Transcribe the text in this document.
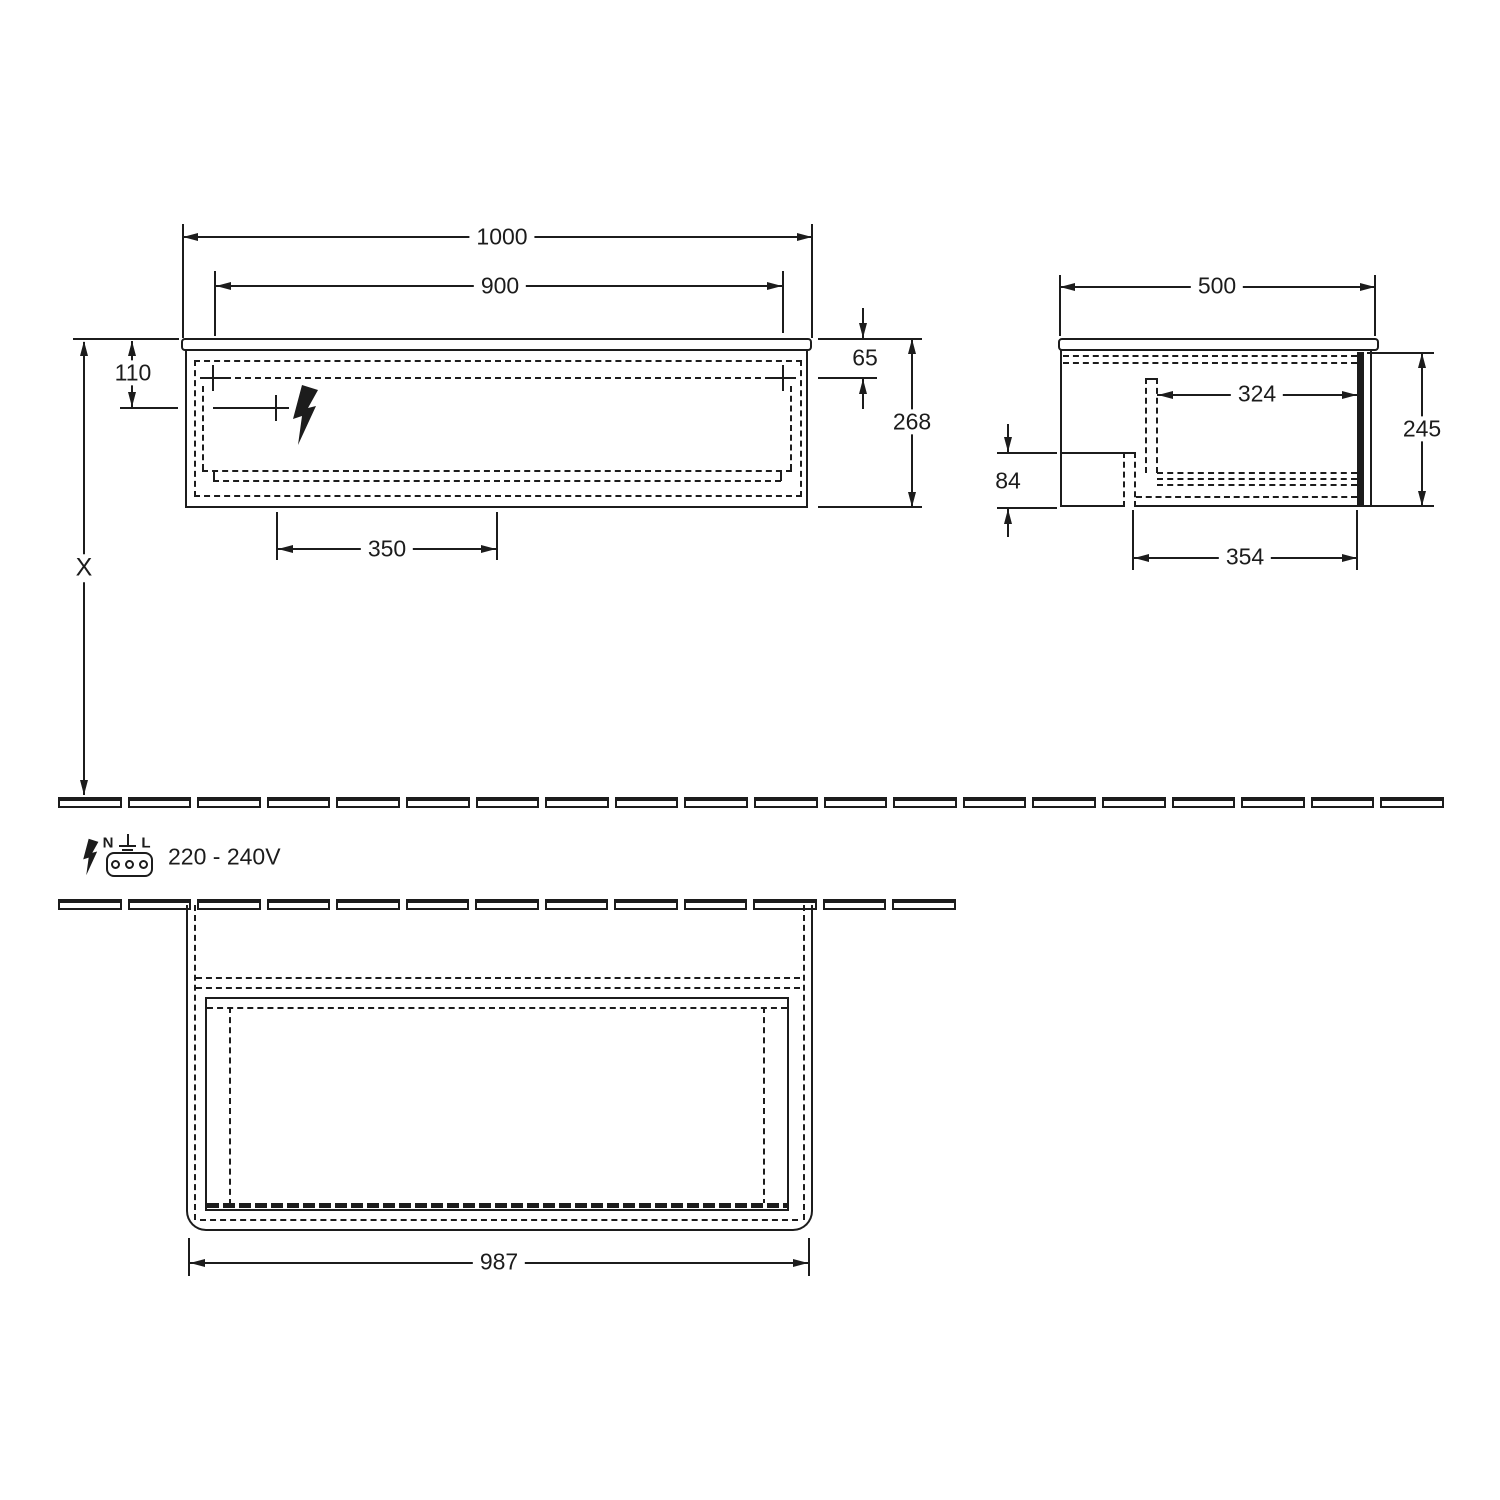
1000
900
110
X
65
268
350
500
324
245
84
354
N L
220 - 240V
987
